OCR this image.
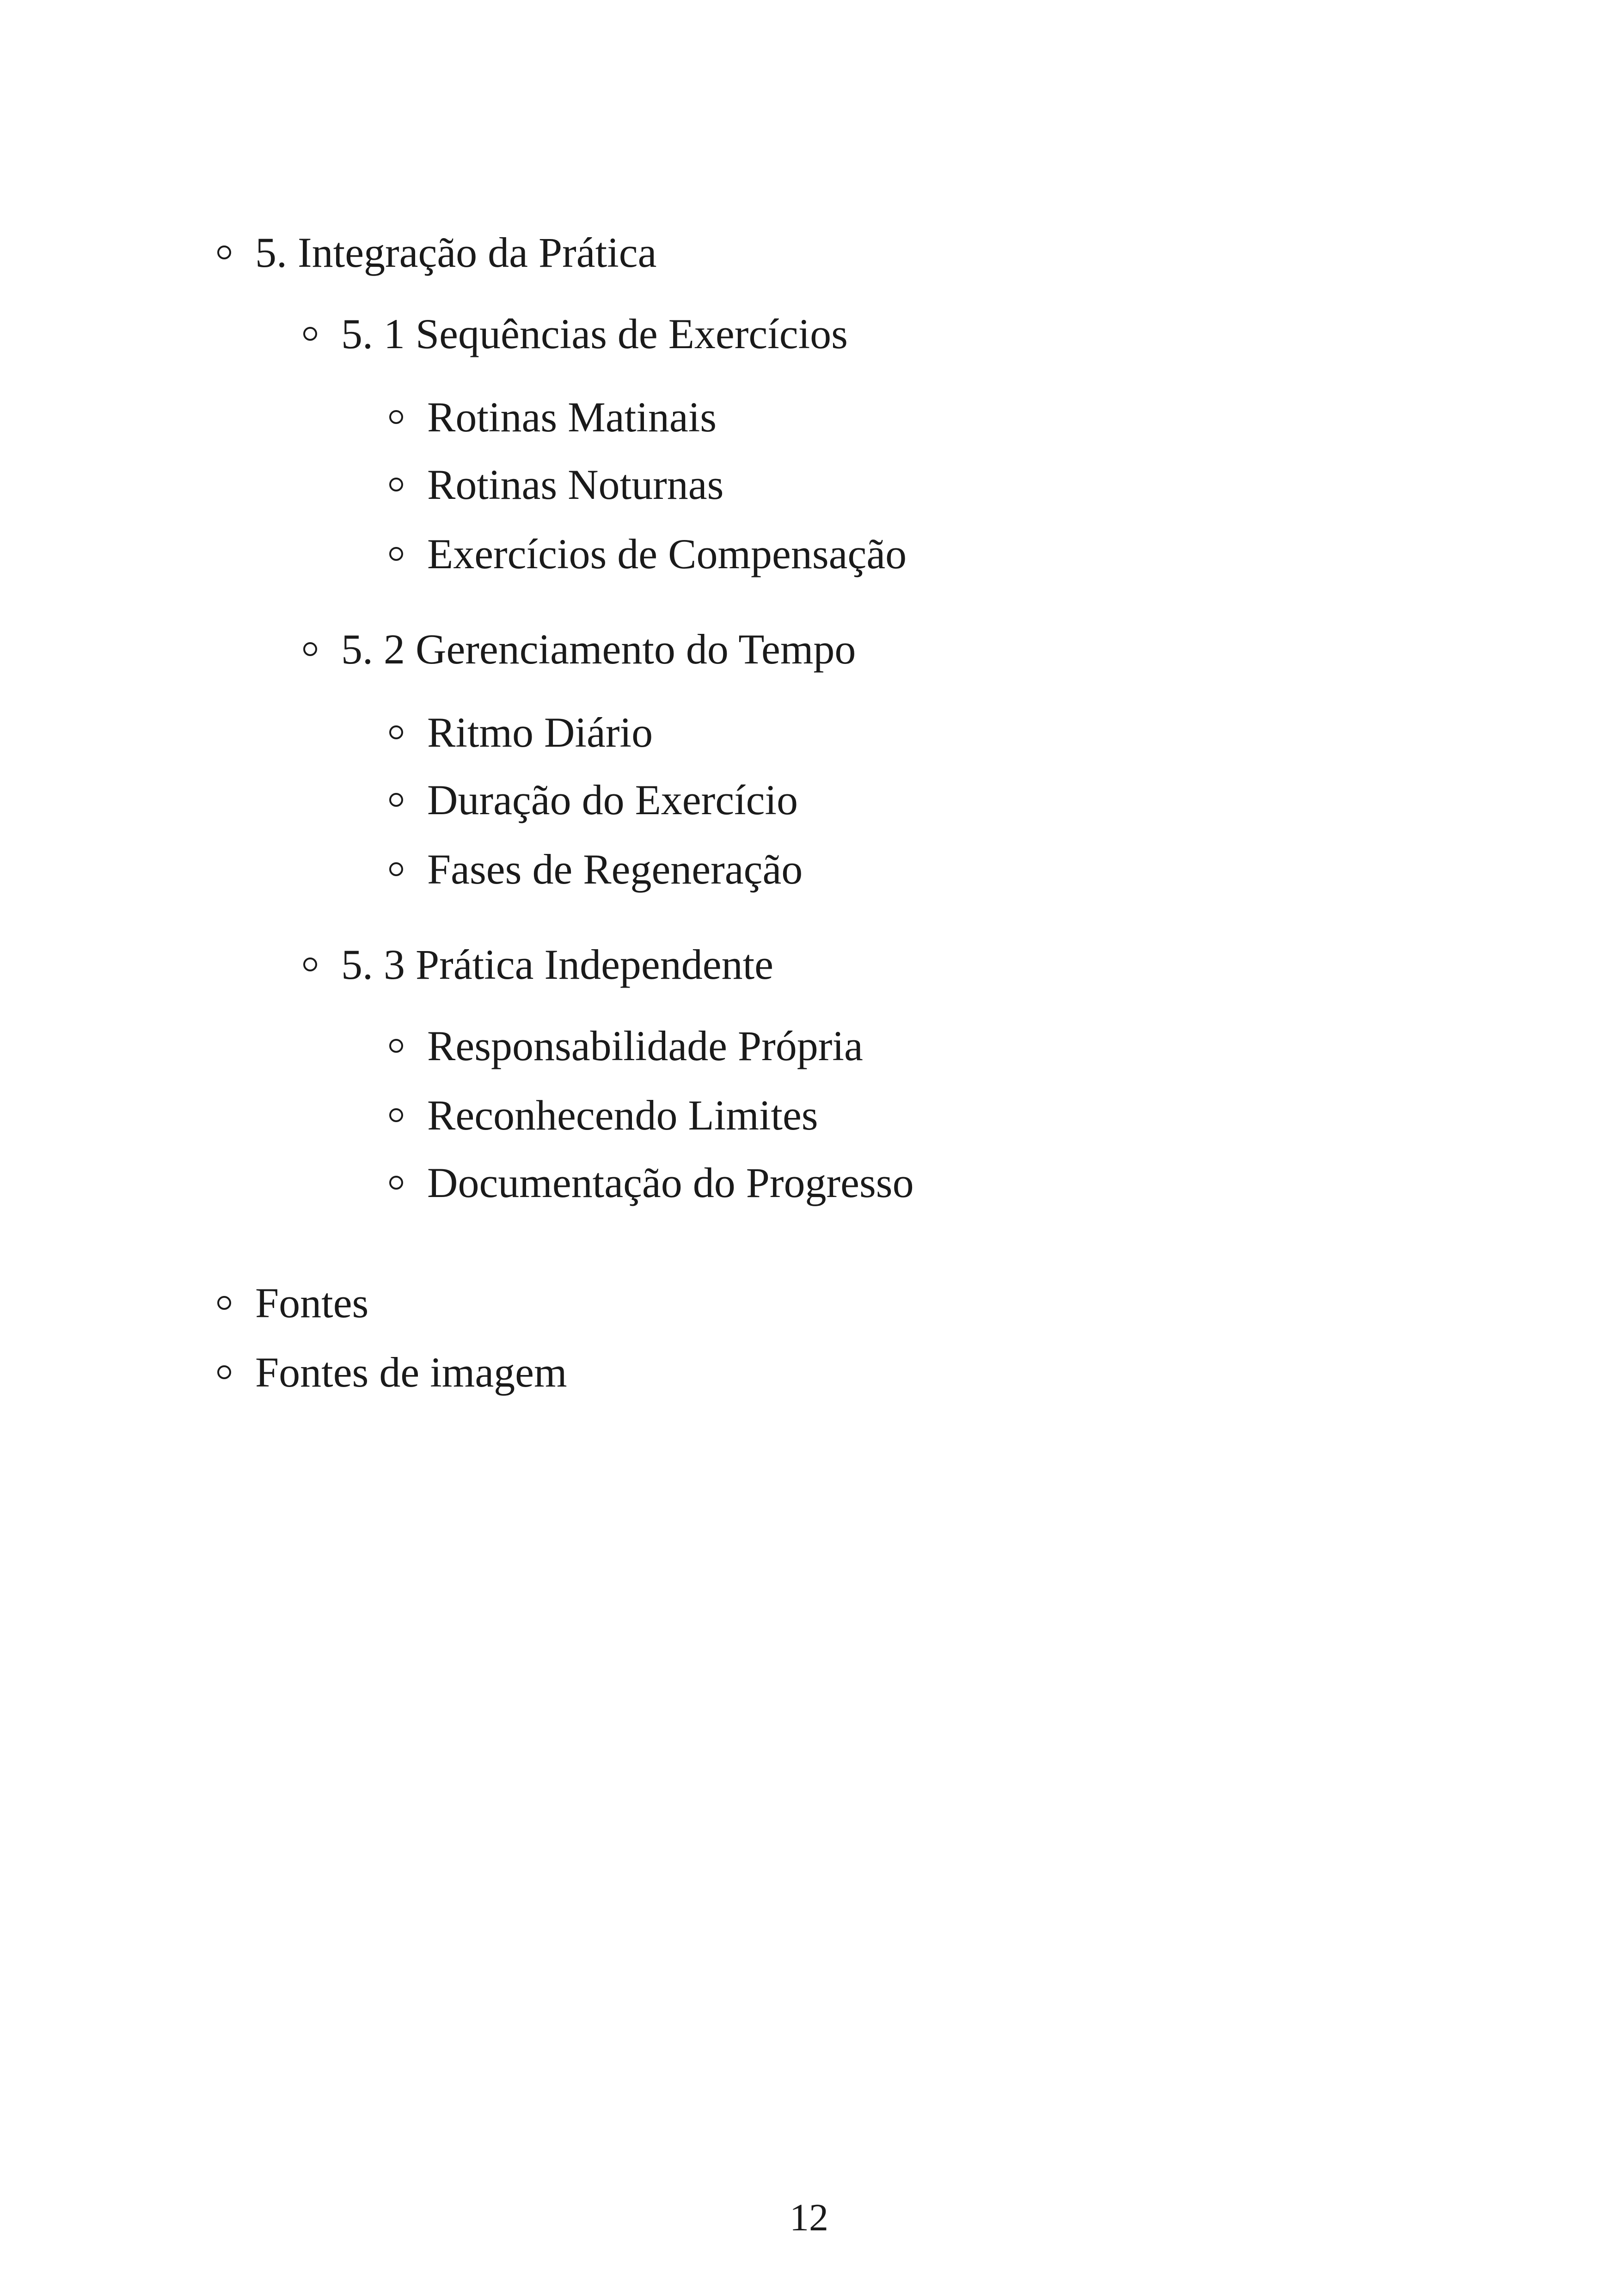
5. Integração da Prática
5. 1 Sequências de Exercícios
Rotinas Matinais
Rotinas Noturnas
Exercícios de Compensação
5. 2 Gerenciamento do Tempo
Ritmo Diário
Duração do Exercício
Fases de Regeneração
5. 3 Prática Independente
Responsabilidade Própria
Reconhecendo Limites
Documentação do Progresso
Fontes
Fontes de imagem
12
